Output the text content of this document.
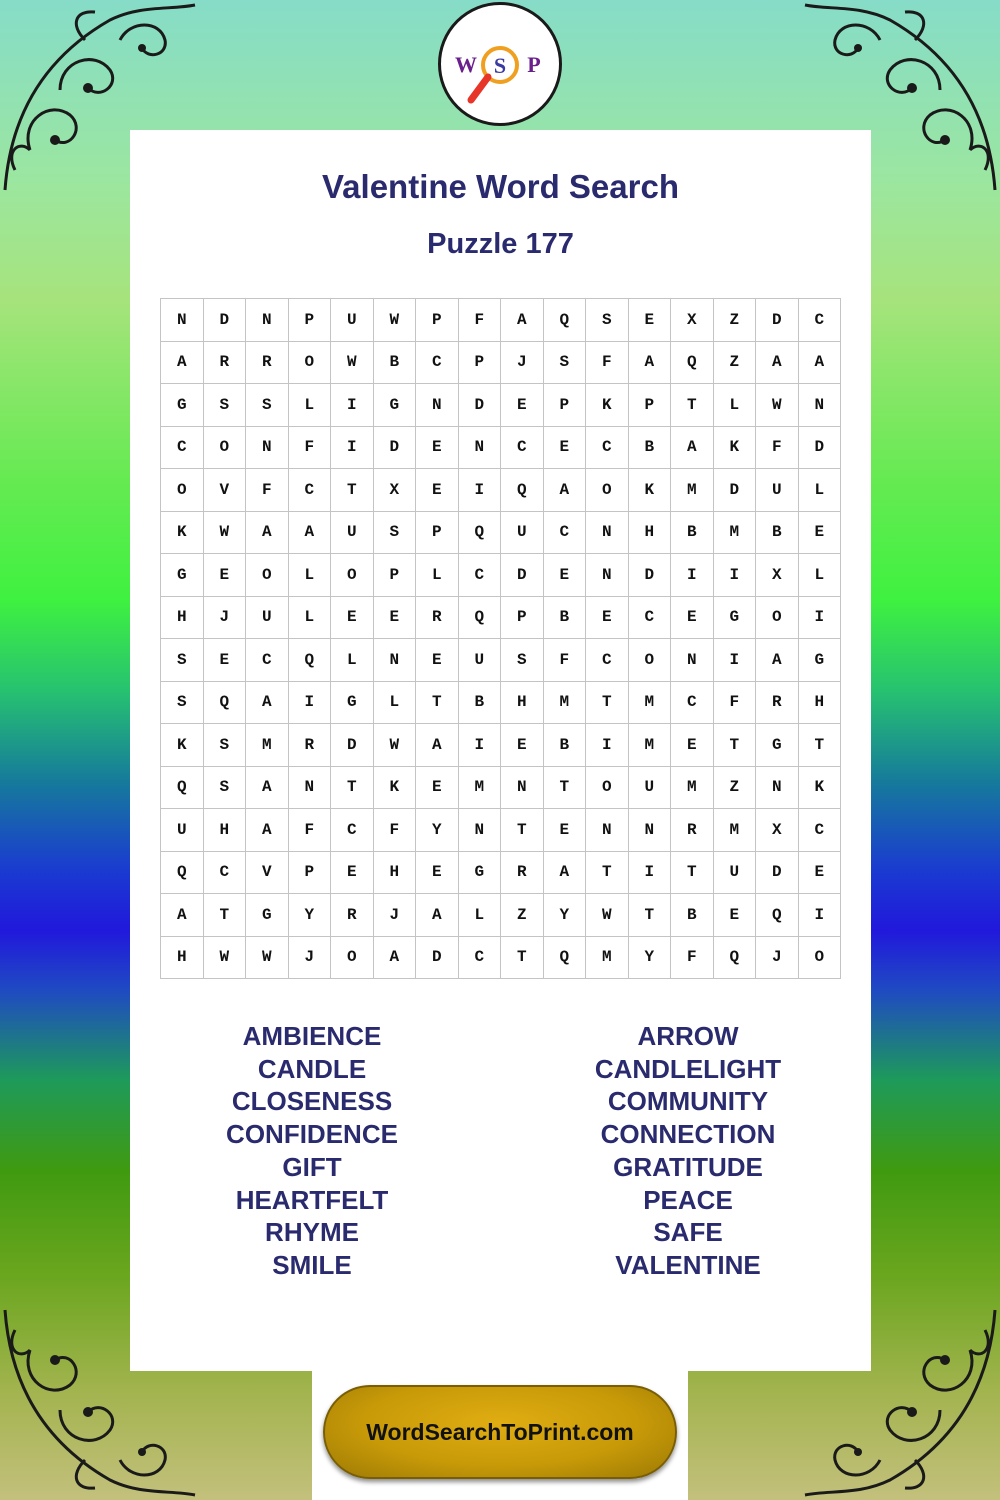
W S P
Valentine Word Search
Puzzle 177
N	D	N	P	U	W	P	F	A	Q	S	E	X	Z	D	C
A	R	R	O	W	B	C	P	J	S	F	A	Q	Z	A	A
G	S	S	L	I	G	N	D	E	P	K	P	T	L	W	N
C	O	N	F	I	D	E	N	C	E	C	B	A	K	F	D
O	V	F	C	T	X	E	I	Q	A	O	K	M	D	U	L
K	W	A	A	U	S	P	Q	U	C	N	H	B	M	B	E
G	E	O	L	O	P	L	C	D	E	N	D	I	I	X	L
H	J	U	L	E	E	R	Q	P	B	E	C	E	G	O	I
S	E	C	Q	L	N	E	U	S	F	C	O	N	I	A	G
S	Q	A	I	G	L	T	B	H	M	T	M	C	F	R	H
K	S	M	R	D	W	A	I	E	B	I	M	E	T	G	T
Q	S	A	N	T	K	E	M	N	T	O	U	M	Z	N	K
U	H	A	F	C	F	Y	N	T	E	N	N	R	M	X	C
Q	C	V	P	E	H	E	G	R	A	T	I	T	U	D	E
A	T	G	Y	R	J	A	L	Z	Y	W	T	B	E	Q	I
H	W	W	J	O	A	D	C	T	Q	M	Y	F	Q	J	O
AMBIENCE
CANDLE
CLOSENESS
CONFIDENCE
GIFT
HEARTFELT
RHYME
SMILE
ARROW
CANDLELIGHT
COMMUNITY
CONNECTION
GRATITUDE
PEACE
SAFE
VALENTINE
WordSearchToPrint.com
